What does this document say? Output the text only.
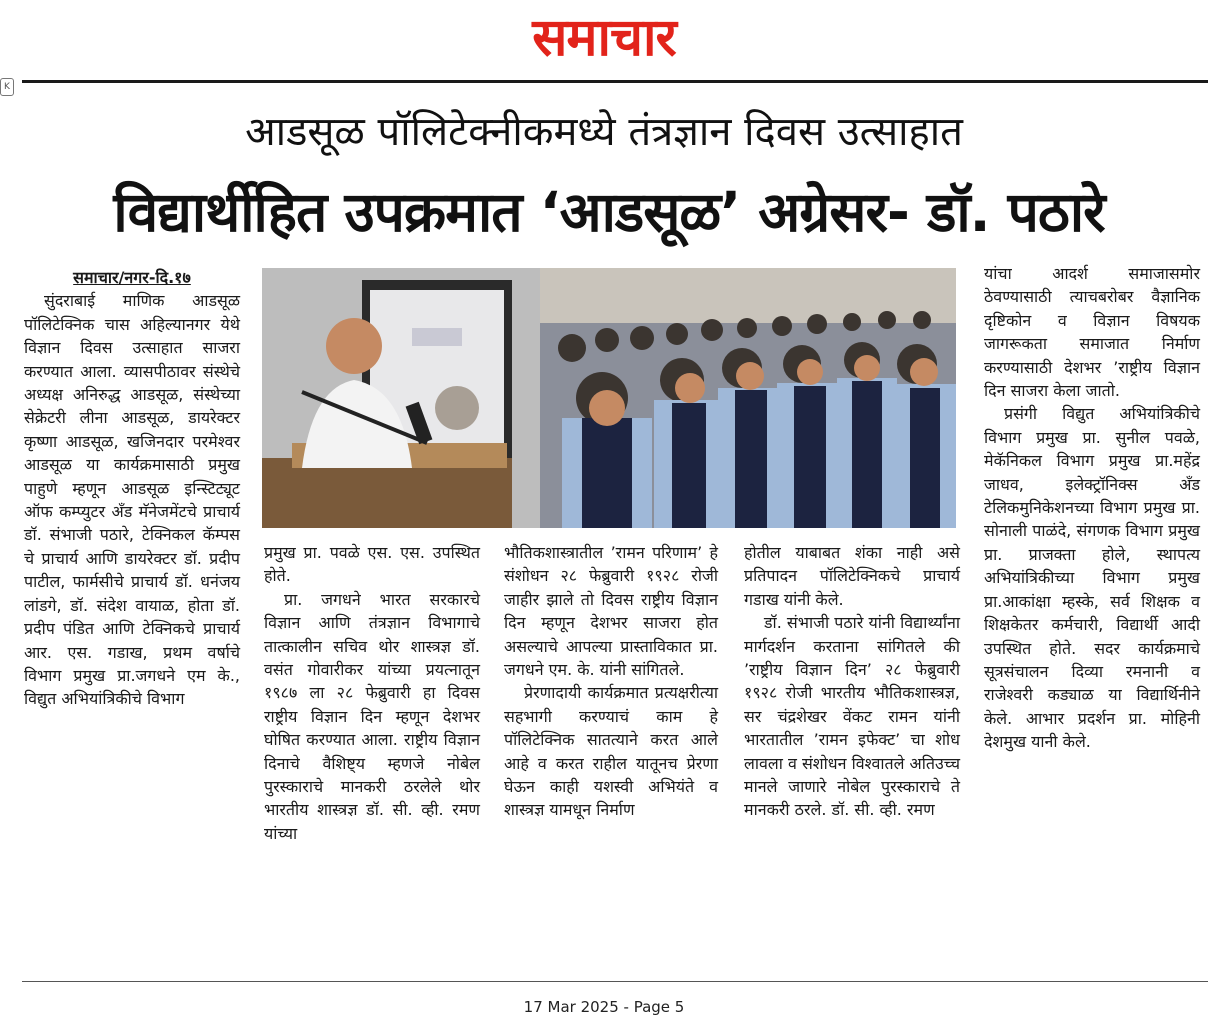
समाचार
K
आडसूळ पॉलिटेक्नीकमध्ये तंत्रज्ञान दिवस उत्साहात
विद्यार्थीहित उपक्रमात ‘आडसूळ’ अग्रेसर- डॉ. पठारे
समाचार/नगर-दि.१७

सुंदराबाई माणिक आडसूळ पॉलिटेक्निक चास अहिल्यानगर येथे विज्ञान दिवस उत्साहात साजरा करण्यात आला. व्यासपीठावर संस्थेचे अध्यक्ष अनिरुद्ध आडसूळ, संस्थेच्या सेक्रेटरी लीना आडसूळ, डायरेक्टर कृष्णा आडसूळ, खजिनदार परमेश्वर आडसूळ या कार्यक्रमासाठी प्रमुख पाहुणे म्हणून आडसूळ इन्स्टिट्यूट ऑफ कम्प्युटर अँड मॅनेजमेंटचे प्राचार्य डॉ. संभाजी पठारे, टेक्निकल कॅम्पस चे प्राचार्य आणि डायरेक्टर डॉ. प्रदीप पाटील, फार्मसीचे प्राचार्य डॉ. धनंजय लांडगे, डॉ. संदेश वायाळ, होता डॉ. प्रदीप पंडित आणि टेक्निकचे प्राचार्य आर. एस. गडाख, प्रथम वर्षाचे विभाग प्रमुख प्रा.जगधने एम के., विद्युत अभियांत्रिकीचे विभाग

प्रमुख प्रा. पवळे एस. एस. उपस्थित होते.

प्रा. जगधने भारत सरकारचे विज्ञान आणि तंत्रज्ञान विभागाचे तात्कालीन सचिव थोर शास्त्रज्ञ डॉ. वसंत गोवारीकर यांच्या प्रयत्नातून १९८७ ला २८ फेब्रुवारी हा दिवस राष्ट्रीय विज्ञान दिन म्हणून देशभर घोषित करण्यात आला. राष्ट्रीय विज्ञान दिनाचे वैशिष्ट्य म्हणजे नोबेल पुरस्काराचे मानकरी ठरलेले थोर भारतीय शास्त्रज्ञ डॉ. सी. व्ही. रमण यांच्या

भौतिकशास्त्रातील ’रामन परिणाम’ हे संशोधन २८ फेब्रुवारी १९२८ रोजी जाहीर झाले तो दिवस राष्ट्रीय विज्ञान दिन म्हणून देशभर साजरा होत असल्याचे आपल्या प्रास्ताविकात प्रा. जगधने एम. के. यांनी सांगितले.

प्रेरणादायी कार्यक्रमात प्रत्यक्षरीत्या सहभागी करण्याचं काम हे पॉलिटेक्निक सातत्याने करत आले आहे व करत राहील यातूनच प्रेरणा घेऊन काही यशस्वी अभियंते व शास्त्रज्ञ यामधून निर्माण

होतील याबाबत शंका नाही असे प्रतिपादन पॉलिटेक्निकचे प्राचार्य गडाख यांनी केले.

डॉ. संभाजी पठारे यांनी विद्यार्थ्यांना मार्गदर्शन करताना सांगितले की ’राष्ट्रीय विज्ञान दिन’ २८ फेब्रुवारी १९२८ रोजी भारतीय भौतिकशास्त्रज्ञ, सर चंद्रशेखर वेंकट रामन यांनी भारतातील ’रामन इफेक्ट’ चा शोध लावला व संशोधन विश्वातले अतिउच्च मानले जाणारे नोबेल पुरस्काराचे ते मानकरी ठरले. डॉ. सी. व्ही. रमण

यांचा आदर्श समाजासमोर ठेवण्यासाठी त्याचबरोबर वैज्ञानिक दृष्टिकोन व विज्ञान विषयक जागरूकता समाजात निर्माण करण्यासाठी देशभर ’राष्ट्रीय विज्ञान दिन साजरा केला जातो.

प्रसंगी विद्युत अभियांत्रिकीचे विभाग प्रमुख प्रा. सुनील पवळे, मेकॅनिकल विभाग प्रमुख प्रा.महेंद्र जाधव, इलेक्ट्रॉनिक्स अँड टेलिकमुनिकेशनच्या विभाग प्रमुख प्रा. सोनाली पाळंदे, संगणक विभाग प्रमुख प्रा. प्राजक्ता होले, स्थापत्य अभियांत्रिकीच्या विभाग प्रमुख प्रा.आकांक्षा म्हस्के, सर्व शिक्षक व शिक्षकेतर कर्मचारी, विद्यार्थी आदी उपस्थित होते. सदर कार्यक्रमाचे सूत्रसंचालन दिव्या रमनानी व राजेश्वरी कड्याळ या विद्यार्थिनीने केले. आभार प्रदर्शन प्रा. मोहिनी देशमुख यानी केले.

17 Mar 2025 - Page 5
